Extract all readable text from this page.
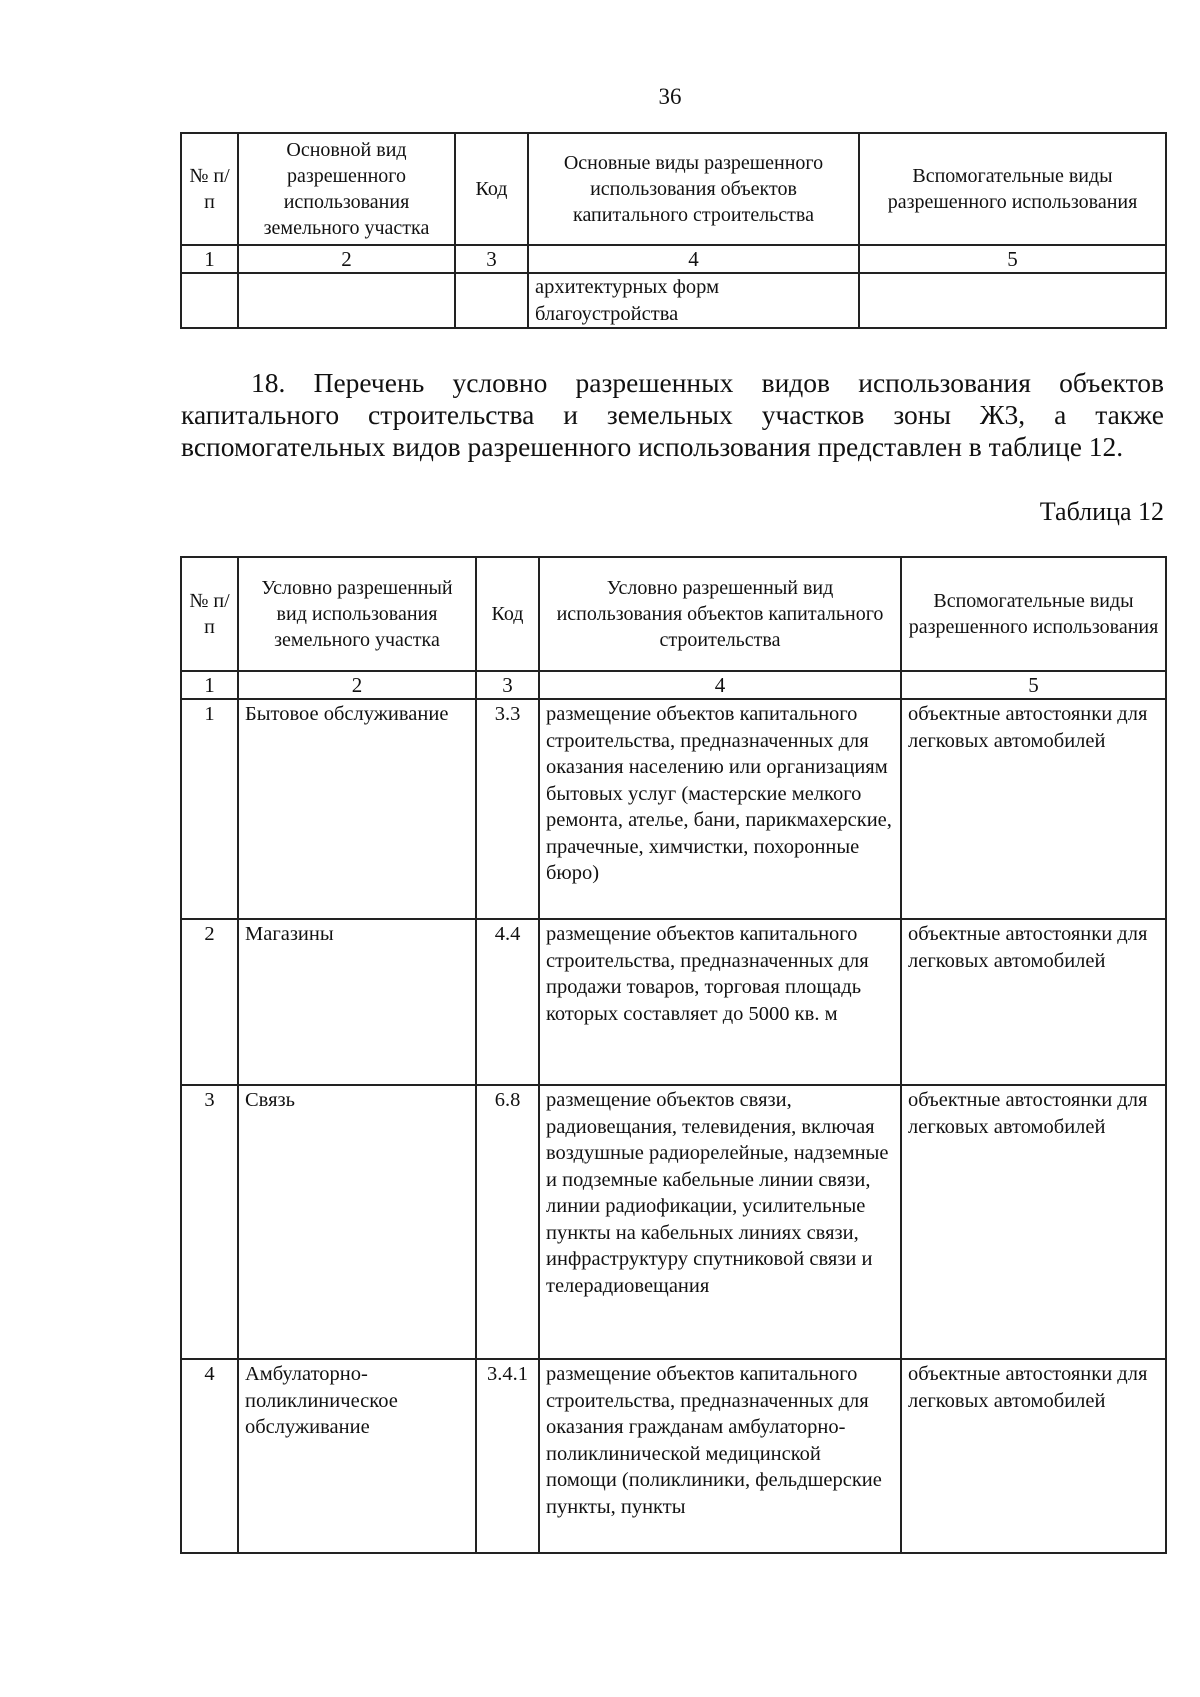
36
№ п/п	Основной вид разрешенного использования земельного участка	Код	Основные виды разрешенного использования объектов капитального строительства	Вспомогательные виды разрешенного использования
1	2	3	4	5
			архитектурных форм благоустройства	
18. Перечень условно разрешенных видов использования объектов капитального строительства и земельных участков зоны Ж3, а также вспомогательных видов разрешенного использования представлен в таблице 12.
Таблица 12
№ п/п	Условно разрешенный вид использования земельного участка	Код	Условно разрешенный вид использования объектов капитального строительства	Вспомогательные виды разрешенного использования
1	2	3	4	5
1	Бытовое обслуживание	3.3	размещение объектов капитального строительства, предназначенных для оказания населению или организациям бытовых услуг (мастерские мелкого ремонта, ателье, бани, парикмахерские, прачечные, химчистки, похоронные бюро)	объектные автостоянки для легковых автомобилей
2	Магазины	4.4	размещение объектов капитального строительства, предназначенных для продажи товаров, торговая площадь которых составляет до 5000 кв. м	объектные автостоянки для легковых автомобилей
3	Связь	6.8	размещение объектов связи, радиовещания, телевидения, включая воздушные радиорелейные, надземные и подземные кабельные линии связи, линии радиофикации, усилительные пункты на кабельных линиях связи, инфраструктуру спутниковой связи и телерадиовещания	объектные автостоянки для легковых автомобилей
4	Амбулаторно-поликлиническое обслуживание	3.4.1	размещение объектов капитального строительства, предназначенных для оказания гражданам амбулаторно-поликлинической медицинской помощи (поликлиники, фельдшерские пункты, пункты	объектные автостоянки для легковых автомобилей
